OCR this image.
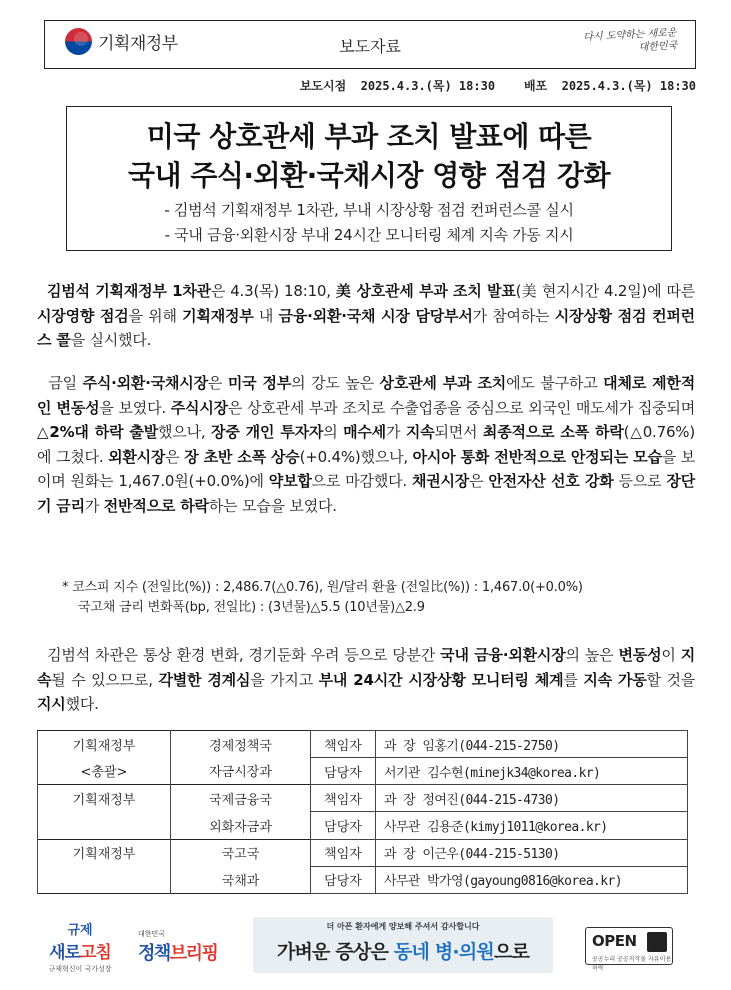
기획재정부	보도자료
다시 도약하는 새로운 대한민국
보도시점  2025.4.3.(목) 18:30    배포  2025.4.3.(목) 18:30
미국 상호관세 부과 조치 발표에 따른
국내 주식·외환·국채시장 영향 점검 강화
- 김범석 기획재정부 1차관, 부내 시장상황 점검 컨퍼런스콜 실시
- 국내 금융·외환시장 부내 24시간 모니터링 체계 지속 가동 지시
김범석 기획재정부 1차관은 4.3(목) 18:10, 美 상호관세 부과 조치 발표(美 현지시간 4.2일)에 따른 시장영향 점검을 위해 기획재정부 내 금융·외환·국채 시장 담당부서가 참여하는 시장상황 점검 컨퍼런스 콜을 실시했다.
금일 주식·외환·국채시장은 미국 정부의 강도 높은 상호관세 부과 조치에도 불구하고 대체로 제한적인 변동성을 보였다. 주식시장은 상호관세 부과 조치로 수출업종을 중심으로 외국인 매도세가 집중되며 △2%대 하락 출발했으나, 장중 개인 투자자의 매수세가 지속되면서 최종적으로 소폭 하락(△0.76%)에 그쳤다. 외환시장은 장 초반 소폭 상승(+0.4%)했으나, 아시아 통화 전반적으로 안정되는 모습을 보이며 원화는 1,467.0원(+0.0%)에 약보합으로 마감했다. 채권시장은 안전자산 선호 강화 등으로 장단기 금리가 전반적으로 하락하는 모습을 보였다.
* 코스피 지수 (전일比(%)) : 2,486.7(△0.76), 원/달러 환율 (전일比(%)) : 1,467.0(+0.0%)
국고채 금리 변화폭(bp, 전일比) : (3년물)△5.5 (10년물)△2.9
김범석 차관은 통상 환경 변화, 경기둔화 우려 등으로 당분간 국내 금융·외환시장의 높은 변동성이 지속될 수 있으므로, 각별한 경계심을 가지고 부내 24시간 시장상황 모니터링 체계를 지속 가동할 것을 지시했다.
기획재정부	경제정책국	책임자	과 장 임홍기(044-215-2750)
<총괄>	자금시장과	담당자	서기관 김수현(minejk34@korea.kr)
기획재정부	국제금융국	책임자	과 장 정여진(044-215-4730)
	외화자금과	담당자	사무관 김용준(kimyj1011@korea.kr)
기획재정부	국고국	책임자	과 장 이근우(044-215-5130)
	국채과	담당자	사무관 박가영(gayoung0816@korea.kr)
규제
새로고침
규제혁신이 국가성장
대한민국
정책브리핑
더 아픈 환자에게 양보해 주셔서 감사합니다
가벼운 증상은 동네 병·의원으로	OPEN
공공누리 공공저작물 자유이용허락
